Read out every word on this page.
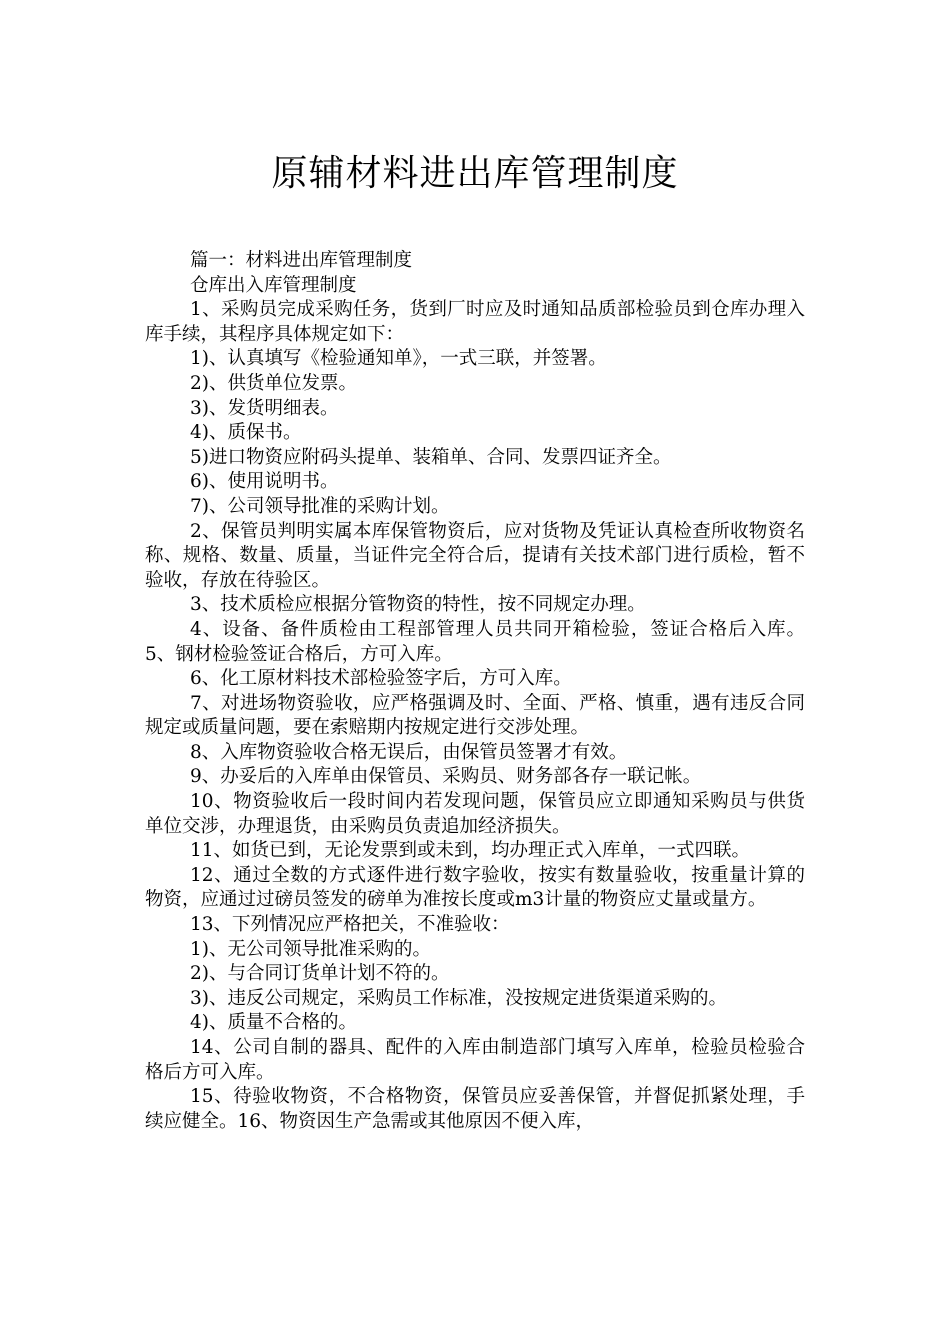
原辅材料进出库管理制度

篇一：材料进出库管理制度

仓库出入库管理制度

1、采购员完成采购任务，货到厂时应及时通知品质部检验员到仓库办理入库手续，其程序具体规定如下：

1)、认真填写《检验通知单》，一式三联，并签署。

2)、供货单位发票。

3)、发货明细表。

4)、质保书。

5)进口物资应附码头提单、装箱单、合同、发票四证齐全。

6)、使用说明书。

7)、公司领导批准的采购计划。

2、保管员判明实属本库保管物资后，应对货物及凭证认真检查所收物资名称、规格、数量、质量，当证件完全符合后，提请有关技术部门进行质检，暂不验收，存放在待验区。

3、技术质检应根据分管物资的特性，按不同规定办理。

4、设备、备件质检由工程部管理人员共同开箱检验，签证合格后入库。5、钢材检验签证合格后，方可入库。

6、化工原材料技术部检验签字后，方可入库。

7、对进场物资验收，应严格强调及时、全面、严格、慎重，遇有违反合同规定或质量问题，要在索赔期内按规定进行交涉处理。

8、入库物资验收合格无误后，由保管员签署才有效。

9、办妥后的入库单由保管员、采购员、财务部各存一联记帐。

10、物资验收后一段时间内若发现问题，保管员应立即通知采购员与供货单位交涉，办理退货，由采购员负责追加经济损失。

11、如货已到，无论发票到或未到，均办理正式入库单，一式四联。

12、通过全数的方式逐件进行数字验收，按实有数量验收，按重量计算的物资，应通过过磅员签发的磅单为准按长度或m3计量的物资应丈量或量方。

13、下列情况应严格把关，不准验收：

1)、无公司领导批准采购的。

2)、与合同订货单计划不符的。

3)、违反公司规定，采购员工作标准，没按规定进货渠道采购的。

4)、质量不合格的。

14、公司自制的器具、配件的入库由制造部门填写入库单，检验员检验合格后方可入库。

15、待验收物资，不合格物资，保管员应妥善保管，并督促抓紧处理，手续应健全。16、物资因生产急需或其他原因不便入库，
